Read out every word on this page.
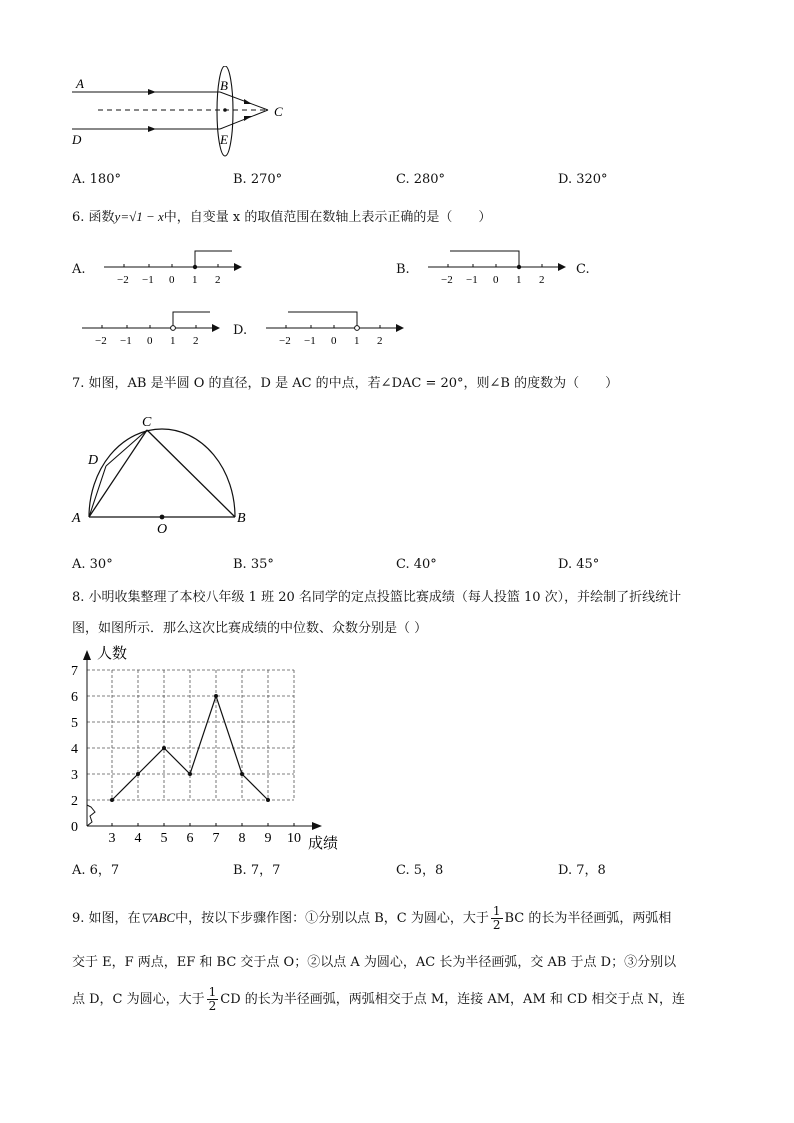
A	B
C
D	E
A. 180°	B. 270°	C. 280°	D. 320°
6. 函数y=√1 − x中，自变量 x 的取值范围在数轴上表示正确的是（　　）
A.
−2 −1 0 1 2
B.
−2 −1 0 1 2
C.
−2 −1 0 1 2
D.
−2 −1 0 1 2
7. 如图，AB 是半圆 O 的直径，D 是 AC 的中点，若∠DAC = 20°，则∠B 的度数为（　　）
C
D
A
O
B
A. 30°	B. 35°	C. 40°	D. 45°
8. 小明收集整理了本校八年级 1 班 20 名同学的定点投篮比赛成绩（每人投篮 10 次），并绘制了折线统计
图，如图所示．那么这次比赛成绩的中位数、众数分别是（ ）
3 4 5 6 7 8 9 10
0
2
3
4
5
6
7
人数
成绩
A. 6，7	B. 7，7	C. 5，8	D. 7，8
9. 如图，在▽ABC中，按以下步骤作图：①分别以点 B，C 为圆心，大于 $\frac{1}{2}$ BC 的长为半径画弧，两弧相
交于 E，F 两点，EF 和 BC 交于点 O；②以点 A 为圆心，AC 长为半径画弧，交 AB 于点 D；③分别以
点 D，C 为圆心，大于 $\frac{1}{2}$ CD 的长为半径画弧，两弧相交于点 M，连接 AM，AM 和 CD 相交于点 N，连
